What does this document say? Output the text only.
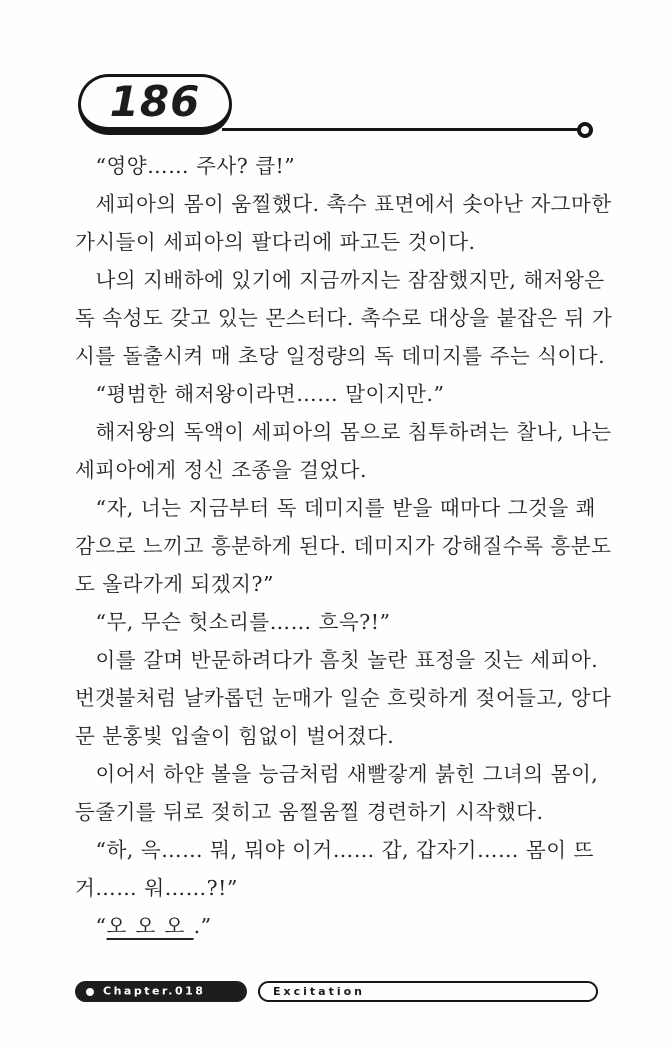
186
“영양…… 주사? 큽!”
세피아의 몸이 움찔했다. 촉수 표면에서 솟아난 자그마한
가시들이 세피아의 팔다리에 파고든 것이다.
나의 지배하에 있기에 지금까지는 잠잠했지만, 해저왕은
독 속성도 갖고 있는 몬스터다. 촉수로 대상을 붙잡은 뒤 가
시를 돌출시켜 매 초당 일정량의 독 데미지를 주는 식이다.
“평범한 해저왕이라면…… 말이지만.”
해저왕의 독액이 세피아의 몸으로 침투하려는 찰나, 나는
세피아에게 정신 조종을 걸었다.
“자, 너는 지금부터 독 데미지를 받을 때마다 그것을 쾌
감으로 느끼고 흥분하게 된다. 데미지가 강해질수록 흥분도
도 올라가게 되겠지?”
“무, 무슨 헛소리를…… 흐윽?!”
이를 갈며 반문하려다가 흠칫 놀란 표정을 짓는 세피아.
번갯불처럼 날카롭던 눈매가 일순 흐릿하게 젖어들고, 앙다
문 분홍빛 입술이 힘없이 벌어졌다.
이어서 하얀 볼을 능금처럼 새빨갛게 붉힌 그녀의 몸이,
등줄기를 뒤로 젖히고 움찔움찔 경련하기 시작했다.
“하, 윽…… 뭐, 뭐야 이거…… 갑, 갑자기…… 몸이 뜨
거…… 워……?!”
“오오오.”
Chapter.018	Excitation
